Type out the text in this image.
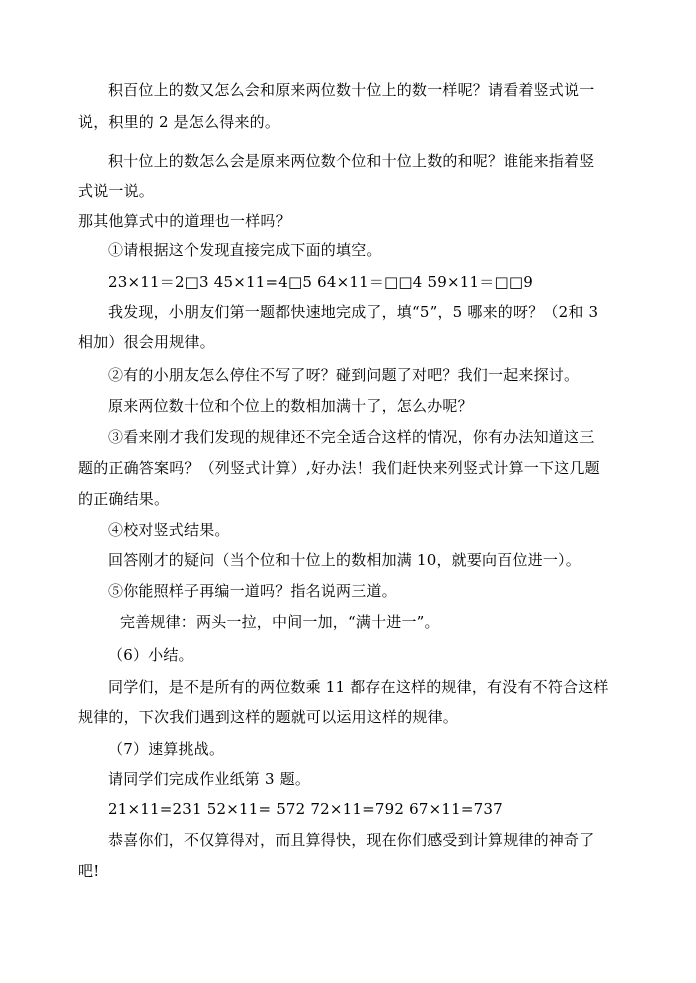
积百位上的数又怎么会和原来两位数十位上的数一样呢？请看着竖式说一
说，积里的 2 是怎么得来的。
积十位上的数怎么会是原来两位数个位和十位上数的和呢？谁能来指着竖
式说一说。
那其他算式中的道理也一样吗？
①请根据这个发现直接完成下面的填空。
23×11＝2□3 45×11=4□5 64×11＝□□4 59×11＝□□9
我发现，小朋友们第一题都快速地完成了，填“5”，5 哪来的呀？（2和 3
相加）很会用规律。
②有的小朋友怎么停住不写了呀？碰到问题了对吧？我们一起来探讨。
原来两位数十位和个位上的数相加满十了，怎么办呢？
③看来刚才我们发现的规律还不完全适合这样的情况，你有办法知道这三
题的正确答案吗？（列竖式计算）,好办法！我们赶快来列竖式计算一下这几题
的正确结果。
④校对竖式结果。
回答刚才的疑问（当个位和十位上的数相加满 10，就要向百位进一）。
⑤你能照样子再编一道吗？指名说两三道。
完善规律：两头一拉，中间一加，“满十进一”。
（6）小结。
同学们，是不是所有的两位数乘 11 都存在这样的规律，有没有不符合这样
规律的，下次我们遇到这样的题就可以运用这样的规律。
（7）速算挑战。
请同学们完成作业纸第 3 题。
21×11=231 52×11= 572 72×11=792 67×11=737
恭喜你们，不仅算得对，而且算得快，现在你们感受到计算规律的神奇了
吧!
